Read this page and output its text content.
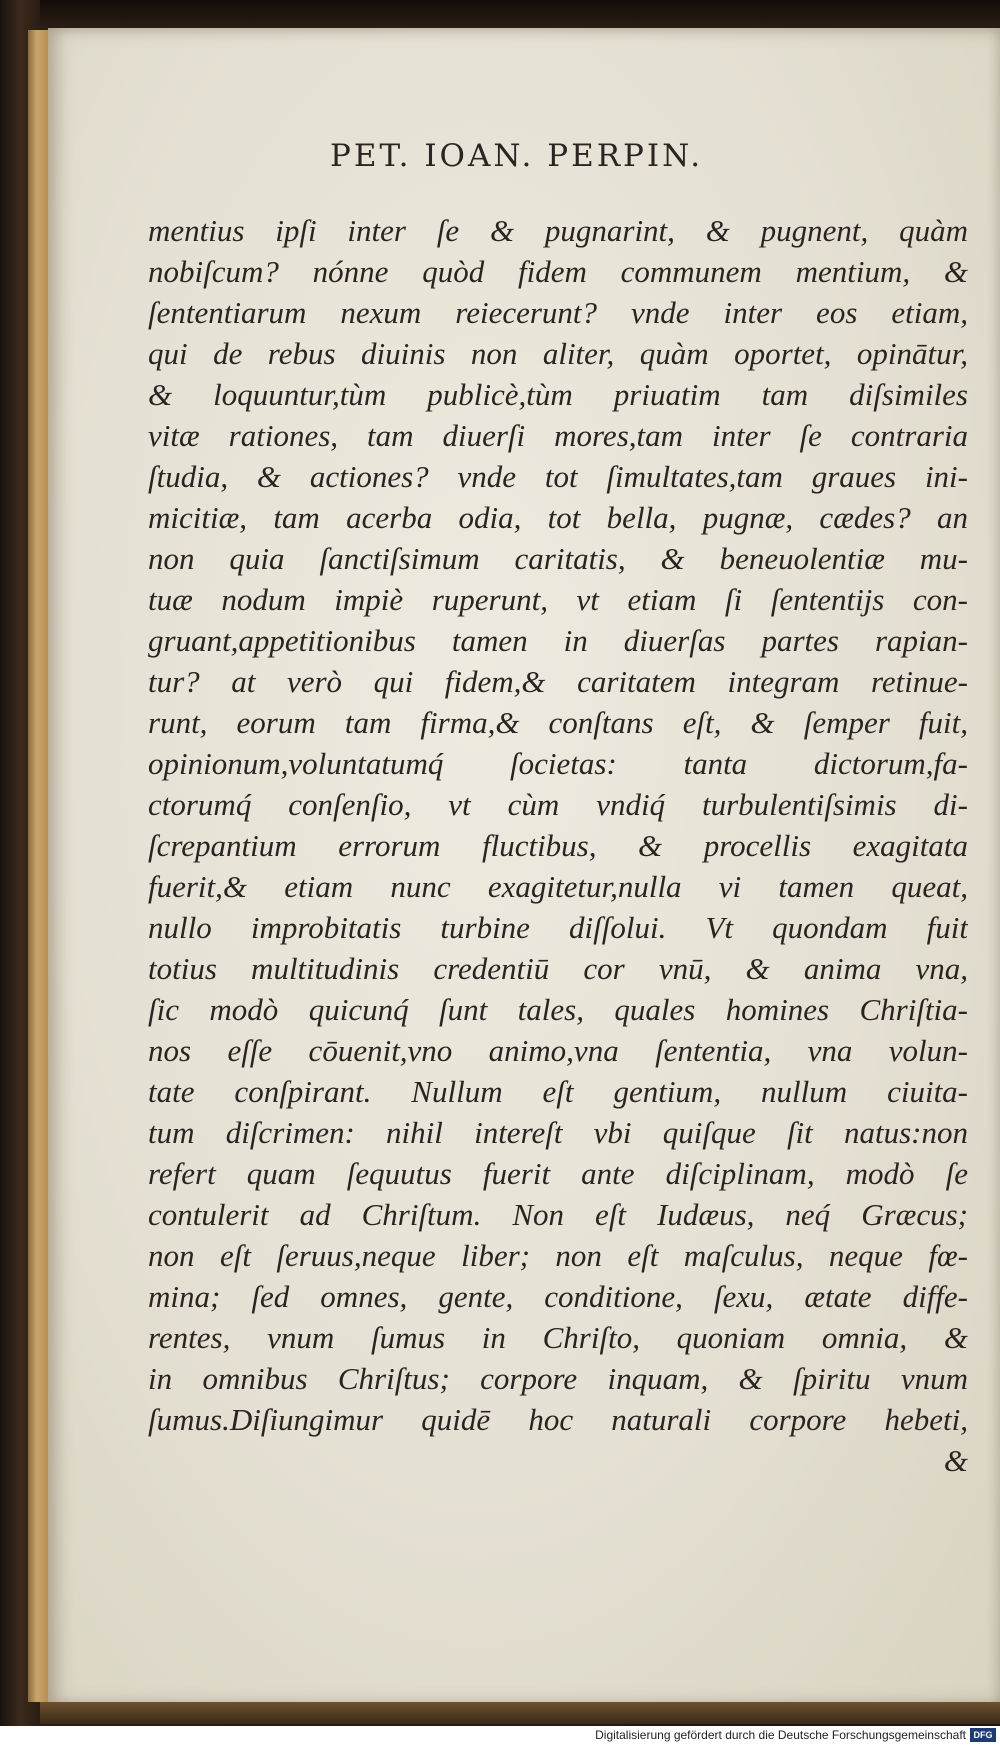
PET. IOAN. PERPIN.
mentius ipſi inter ſe & pugnarint, & pugnent, quàm
nobiſcum? nónne quòd fidem communem mentium, &
ſententiarum nexum reiecerunt? vnde inter eos etiam,
qui de rebus diuinis non aliter, quàm oportet, opinātur,
& loquuntur,tùm publicè,tùm priuatim tam diſsimiles
vitæ rationes, tam diuerſi mores,tam inter ſe contraria
ſtudia, & actiones? vnde tot ſimultates,tam graues ini-
micitiæ, tam acerba odia, tot bella, pugnæ, cædes? an
non quia ſanctiſsimum caritatis, & beneuolentiæ mu-
tuæ nodum impiè ruperunt, vt etiam ſi ſententijs con-
gruant,appetitionibus tamen in diuerſas partes rapian-
tur? at verò qui fidem,& caritatem integram retinue-
runt, eorum tam firma,& conſtans eſt, & ſemper fuit,
opinionum,voluntatumq́ ſocietas: tanta dictorum,fa-
ctorumq́ conſenſio, vt cùm vndiq́ turbulentiſsimis di-
ſcrepantium errorum fluctibus, & procellis exagitata
fuerit,& etiam nunc exagitetur,nulla vi tamen queat,
nullo improbitatis turbine diſſolui. Vt quondam fuit
totius multitudinis credentiū cor vnū, & anima vna,
ſic modò quicunq́ ſunt tales, quales homines Chriſtia-
nos eſſe cōuenit,vno animo,vna ſententia, vna volun-
tate conſpirant. Nullum eſt gentium, nullum ciuita-
tum diſcrimen: nihil intereſt vbi quiſque ſit natus:non
refert quam ſequutus fuerit ante diſciplinam, modò ſe
contulerit ad Chriſtum. Non eſt Iudæus, neq́ Græcus;
non eſt ſeruus,neque liber; non eſt maſculus, neque fœ-
mina; ſed omnes, gente, conditione, ſexu, ætate diffe-
rentes, vnum ſumus in Chriſto, quoniam omnia, &
in omnibus Chriſtus; corpore inquam, & ſpiritu vnum
ſumus.Diſiungimur quidē hoc naturali corpore hebeti,
&
Digitalisierung gefördert durch die Deutsche Forschungsgemeinschaft DFG
